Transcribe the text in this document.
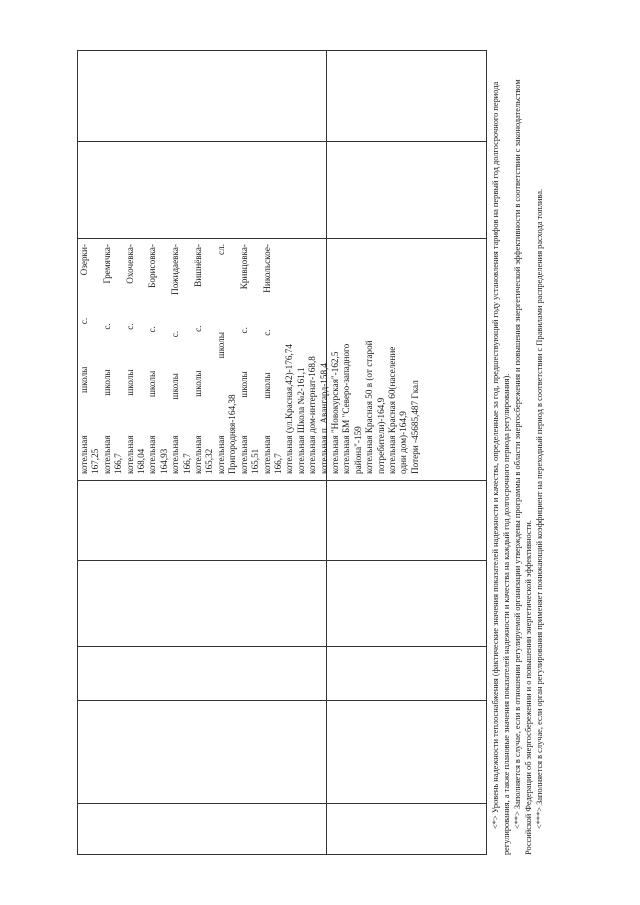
котельная школы с. Озерки- 167,25 котельная школы с. Гремячка- 166,7 котельная школы с. Охочевка- 168,04 котельная школы с. Борисовка- 164,93 котельная школы с. Пожидаевка- 166,7 котельная школы с. Вишнёвка- 165,32 котельная школы сл. Пригородняя-164,38 котельная школы с. Кривцовка- 165,51 котельная школы с. Никольское- 166,7 котельная (ул.Красная,42)-176,74 котельная Школа №2-161,1 котельная дом-интернат-168,8 котельная п. Авангард-158,4 котельная "Новокурская"-162,5 котельная БМ "Северо-западного района"-159 котельная Красная 50 в (от старой потребители)-164,9 котельная Красная 60(население одни дом)-164,9 Потери -45685,487 Гкал	<*> Уровень надежности теплоснабжения (фактические значения показателей надежности и качества, определенные за год, предшествующий году установления тарифов на первый год долгосрочного периода регулирования, а также плановые значения показателей надежности и качества на каждый год долгосрочного периода регулирования). <**> Заполняется в случае, если в отношении регулируемой организации утверждены программы в области энергосбережения и повышения энергетической эффективности в соответствии с законодательством Российской Федерации об энергосбережении и о повышении энергетической эффективности. <***> Заполняется в случае, если орган регулирования применяет понижающий коэффициент на переходный период в соответствии с Правилами распределения расхода топлива.
